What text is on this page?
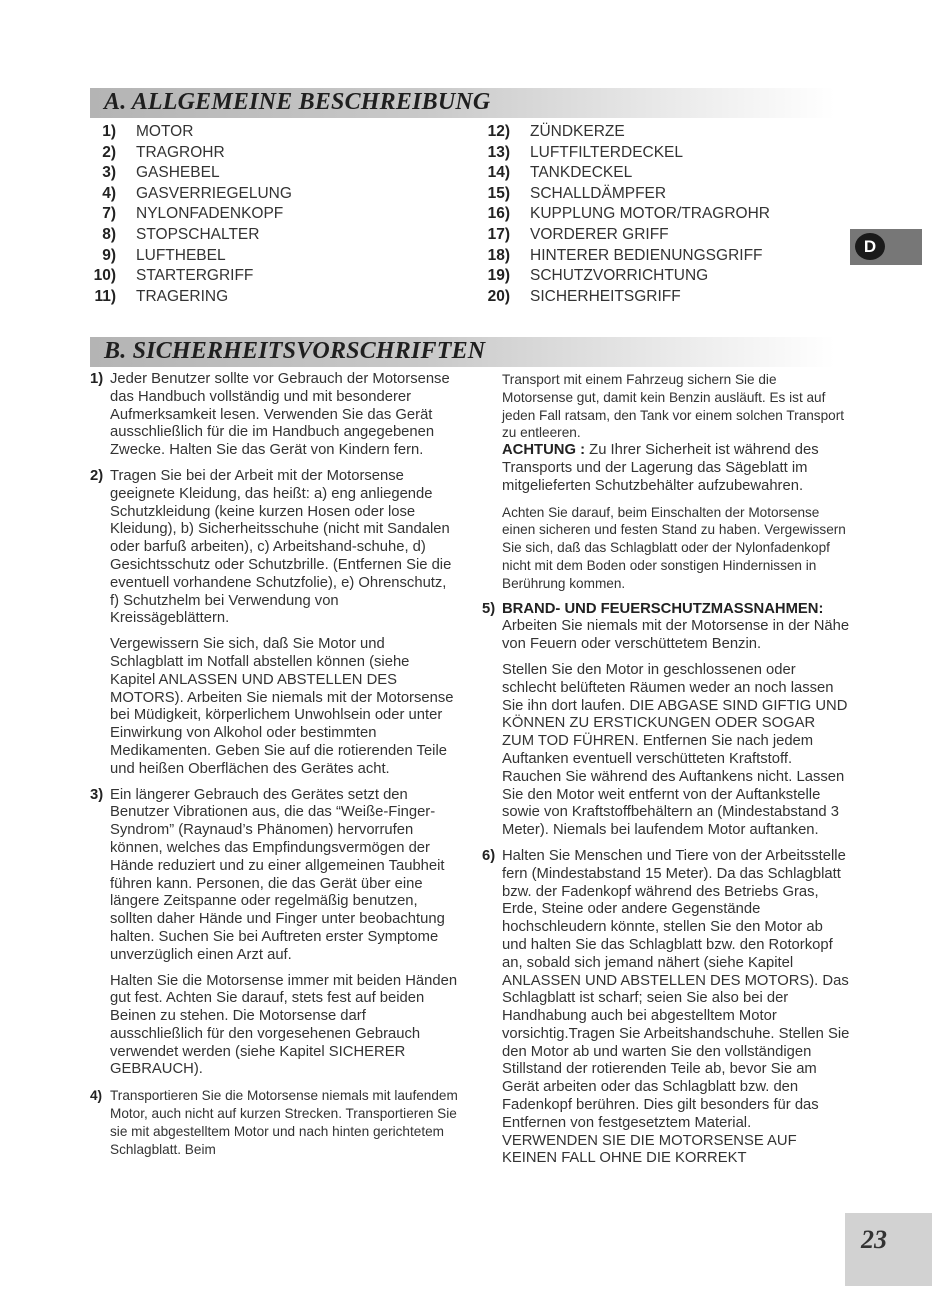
A. ALLGEMEINE BESCHREIBUNG
1) MOTOR
2) TRAGROHR
3) GASHEBEL
4) GASVERRIEGELUNG
7) NYLONFADENKOPF
8) STOPSCHALTER
9) LUFTHEBEL
10) STARTERGRIFF
11) TRAGERING
12) ZÜNDKERZE
13) LUFTFILTERDECKEL
14) TANKDECKEL
15) SCHALLDÄMPFER
16) KUPPLUNG MOTOR/TRAGROHR
17) VORDERER GRIFF
18) HINTERER BEDIENUNGSGRIFF
19) SCHUTZVORRICHTUNG
20) SICHERHEITSGRIFF
D
B. SICHERHEITSVORSCHRIFTEN
1) Jeder Benutzer sollte vor Gebrauch der Motorsense das Handbuch vollständig und mit besonderer Aufmerksamkeit lesen. Verwenden Sie das Gerät ausschließlich für die im Handbuch angegebenen Zwecke. Halten Sie das Gerät von Kindern fern.
2) Tragen Sie bei der Arbeit mit der Motorsense geeignete Kleidung, das heißt: a) eng anliegende Schutzkleidung (keine kurzen Hosen oder lose Kleidung), b) Sicherheitsschuhe (nicht mit Sandalen oder barfuß arbeiten), c) Arbeitshand-schuhe, d) Gesichtsschutz oder Schutzbrille. (Entfernen Sie die eventuell vorhandene Schutzfolie), e) Ohrenschutz, f) Schutzhelm bei Verwendung von Kreissägeblättern.
Vergewissern Sie sich, daß Sie Motor und Schlagblatt im Notfall abstellen können (siehe Kapitel ANLASSEN UND ABSTELLEN DES MOTORS). Arbeiten Sie niemals mit der Motorsense bei Müdigkeit, körperlichem Unwohlsein oder unter Einwirkung von Alkohol oder bestimmten Medikamenten. Geben Sie auf die rotierenden Teile und heißen Oberflächen des Gerätes acht.
3) Ein längerer Gebrauch des Gerätes setzt den Benutzer Vibrationen aus, die das “Weiße-Finger-Syndrom” (Raynaud’s Phänomen) hervorrufen können, welches das Empfindungsvermögen der Hände reduziert und zu einer allgemeinen Taubheit führen kann. Personen, die das Gerät über eine längere Zeitspanne oder regelmäßig benutzen, sollten daher Hände und Finger unter beobachtung halten. Suchen Sie bei Auftreten erster Symptome unverzüglich einen Arzt auf.
Halten Sie die Motorsense immer mit beiden Händen gut fest. Achten Sie darauf, stets fest auf beiden Beinen zu stehen. Die Motorsense darf ausschließlich für den vorgesehenen Gebrauch verwendet werden (siehe Kapitel SICHERER GEBRAUCH).
4) Transportieren Sie die Motorsense niemals mit laufendem Motor, auch nicht auf kurzen Strecken. Transportieren Sie sie mit abgestelltem Motor und nach hinten gerichtetem Schlagblatt. Beim
Transport mit einem Fahrzeug sichern Sie die Motorsense gut, damit kein Benzin ausläuft. Es ist auf jeden Fall ratsam, den Tank vor einem solchen Transport zu entleeren.
ACHTUNG : Zu Ihrer Sicherheit ist während des Transports und der Lagerung das Sägeblatt im mitgelieferten Schutzbehälter aufzubewahren.
Achten Sie darauf, beim Einschalten der Motorsense einen sicheren und festen Stand zu haben. Vergewissern Sie sich, daß das Schlagblatt oder der Nylonfadenkopf nicht mit dem Boden oder sonstigen Hindernissen in Berührung kommen.
5) BRAND- UND FEUERSCHUTZMASSNAHMEN: Arbeiten Sie niemals mit der Motorsense in der Nähe von Feuern oder verschüttetem Benzin.
Stellen Sie den Motor in geschlossenen oder schlecht belüfteten Räumen weder an noch lassen Sie ihn dort laufen. DIE ABGASE SIND GIFTIG UND KÖNNEN ZU ERSTICKUNGEN ODER SOGAR ZUM TOD FÜHREN. Entfernen Sie nach jedem Auftanken eventuell verschütteten Kraftstoff. Rauchen Sie während des Auftankens nicht. Lassen Sie den Motor weit entfernt von der Auftankstelle sowie von Kraftstoffbehältern an (Mindestabstand 3 Meter). Niemals bei laufendem Motor auftanken.
6) Halten Sie Menschen und Tiere von der Arbeitsstelle fern (Mindestabstand 15 Meter). Da das Schlagblatt bzw. der Fadenkopf während des Betriebs Gras, Erde, Steine oder andere Gegenstände hochschleudern könnte, stellen Sie den Motor ab und halten Sie das Schlagblatt bzw. den Rotorkopf an, sobald sich jemand nähert (siehe Kapitel ANLASSEN UND ABSTELLEN DES MOTORS). Das Schlagblatt ist scharf; seien Sie also bei der Handhabung auch bei abgestelltem Motor vorsichtig.Tragen Sie Arbeitshandschuhe. Stellen Sie den Motor ab und warten Sie den vollständigen Stillstand der rotierenden Teile ab, bevor Sie am Gerät arbeiten oder das Schlagblatt bzw. den Fadenkopf berühren. Dies gilt besonders für das Entfernen von festgesetztem Material. VERWENDEN SIE DIE MOTORSENSE AUF KEINEN FALL OHNE DIE KORREKT
23
